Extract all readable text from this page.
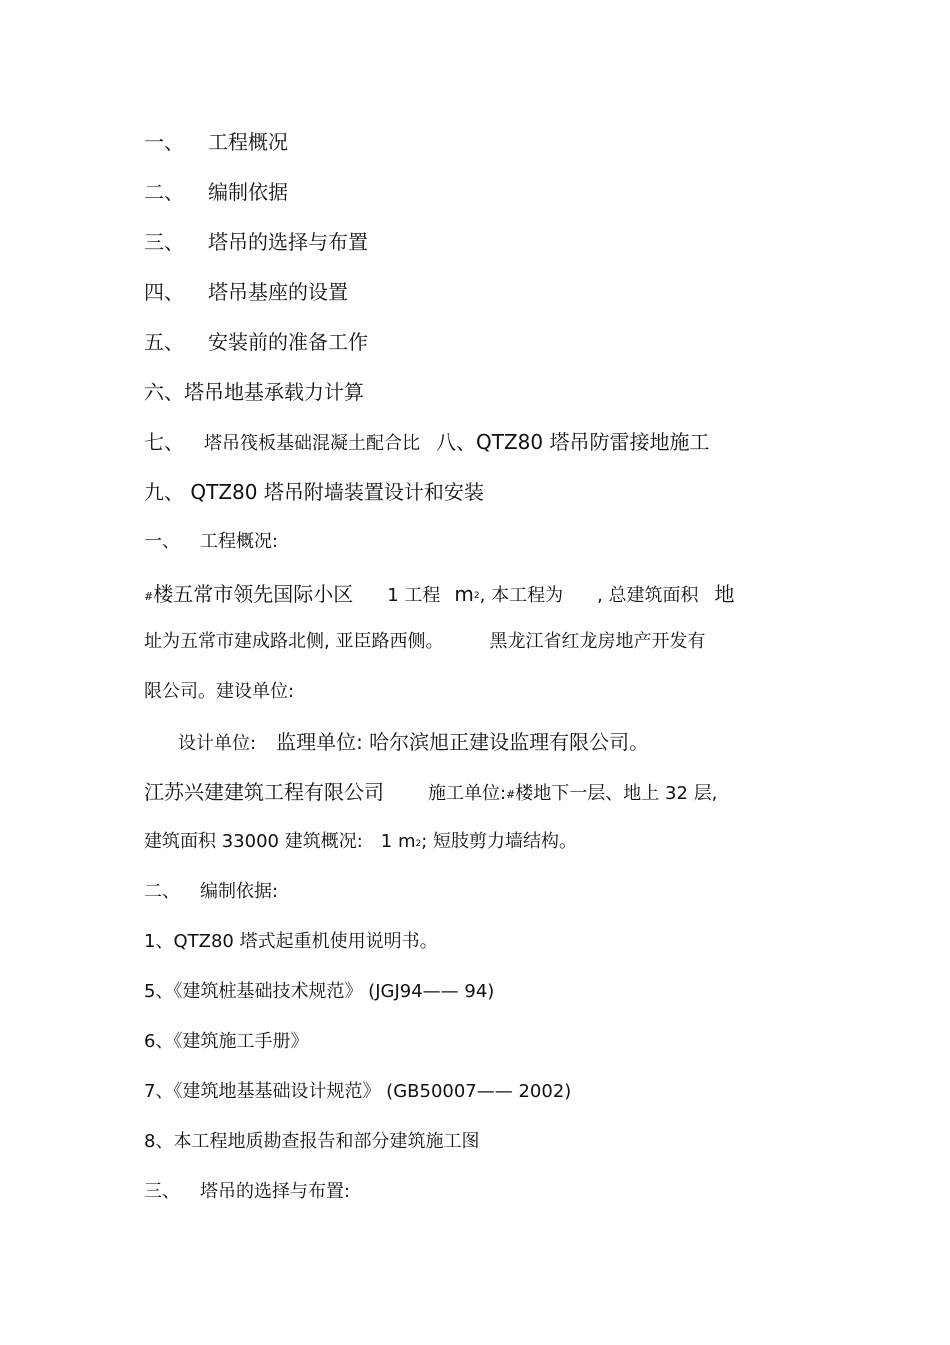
一、 工程概况
二、 编制依据
三、 塔吊的选择与布置
四、 塔吊基座的设置
五、 安装前的准备工作
六、塔吊地基承载力计算
七、 塔吊筏板基础混凝土配合比 八、QTZ80 塔吊防雷接地施工
九、 QTZ80 塔吊附墙装置设计和安装
一、 工程概况:
#楼五常市领先国际小区 1 工程 $m^2$, 本工程为 , 总建筑面积 地
址为五常市建成路北侧, 亚臣路西侧。	黑龙江省红龙房地产开发有
限公司。建设单位:
设计单位: 监理单位: 哈尔滨旭正建设监理有限公司。
江苏兴建建筑工程有限公司 施工单位:#楼地下一层、地上 32 层,
建筑面积 33000 建筑概况: 1 $m^2$; 短肢剪力墙结构。
二、 编制依据:
1、QTZ80 塔式起重机使用说明书。
5、《建筑桩基础技术规范》 (JGJ94—— 94)
6、《建筑施工手册》
7、《建筑地基基础设计规范》 (GB50007—— 2002)
8、本工程地质勘查报告和部分建筑施工图
三、 塔吊的选择与布置:
